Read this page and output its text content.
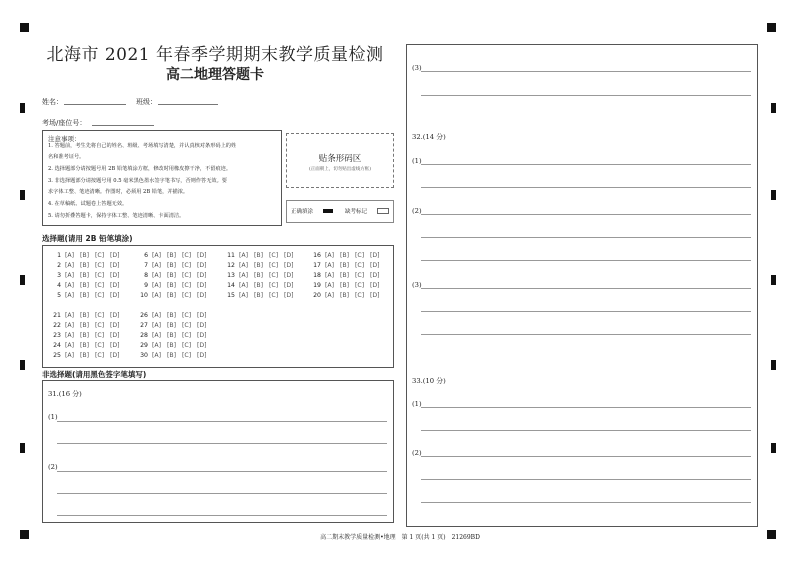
北海市 2021 年春季学期期末教学质量检测
高二地理答题卡
姓名：	班级：
考场/座位号：
注意事项：
1. 答题前，考生先将自己的姓名、班级、考场填写清楚，并认真核对条形码上的姓
名和准考证号。
2. 选择题部分请按题号用 2B 铅笔填涂方框，修改时用橡皮擦干净，不留痕迹。
3. 非选择题部分请按题号用 0.5 毫米黑色墨水签字笔书写，否则作答无效。要
求字体工整、笔迹清晰。作图时，必须用 2B 铅笔，并描浓。
4. 在草稿纸、试题卷上答题无效。
5. 请勿折叠答题卡，保持字体工整、笔迹清晰、卡面清洁。
贴条形码区
(正面朝上，切勿贴出虚线方框)
正确填涂	缺考标记
选择题(请用 2B 铅笔填涂)
1 [A] [B] [C] [D]
2 [A] [B] [C] [D]
3 [A] [B] [C] [D]
4 [A] [B] [C] [D]
5 [A] [B] [C] [D]
6 [A] [B] [C] [D]
7 [A] [B] [C] [D]
8 [A] [B] [C] [D]
9 [A] [B] [C] [D]
10 [A] [B] [C] [D]
11 [A] [B] [C] [D]
12 [A] [B] [C] [D]
13 [A] [B] [C] [D]
14 [A] [B] [C] [D]
15 [A] [B] [C] [D]
16 [A] [B] [C] [D]
17 [A] [B] [C] [D]
18 [A] [B] [C] [D]
19 [A] [B] [C] [D]
20 [A] [B] [C] [D]
21 [A] [B] [C] [D]
22 [A] [B] [C] [D]
23 [A] [B] [C] [D]
24 [A] [B] [C] [D]
25 [A] [B] [C] [D]
26 [A] [B] [C] [D]
27 [A] [B] [C] [D]
28 [A] [B] [C] [D]
29 [A] [B] [C] [D]
30 [A] [B] [C] [D]
非选择题(请用黑色签字笔填写)
31.(16 分)
(1)
(2)
(3)
32.(14 分)
(1)
(2)
(3)
33.(10 分)
(1)
(2)
高二期末教学质量检测•地理　第 1 页(共 1 页)　21269BD
